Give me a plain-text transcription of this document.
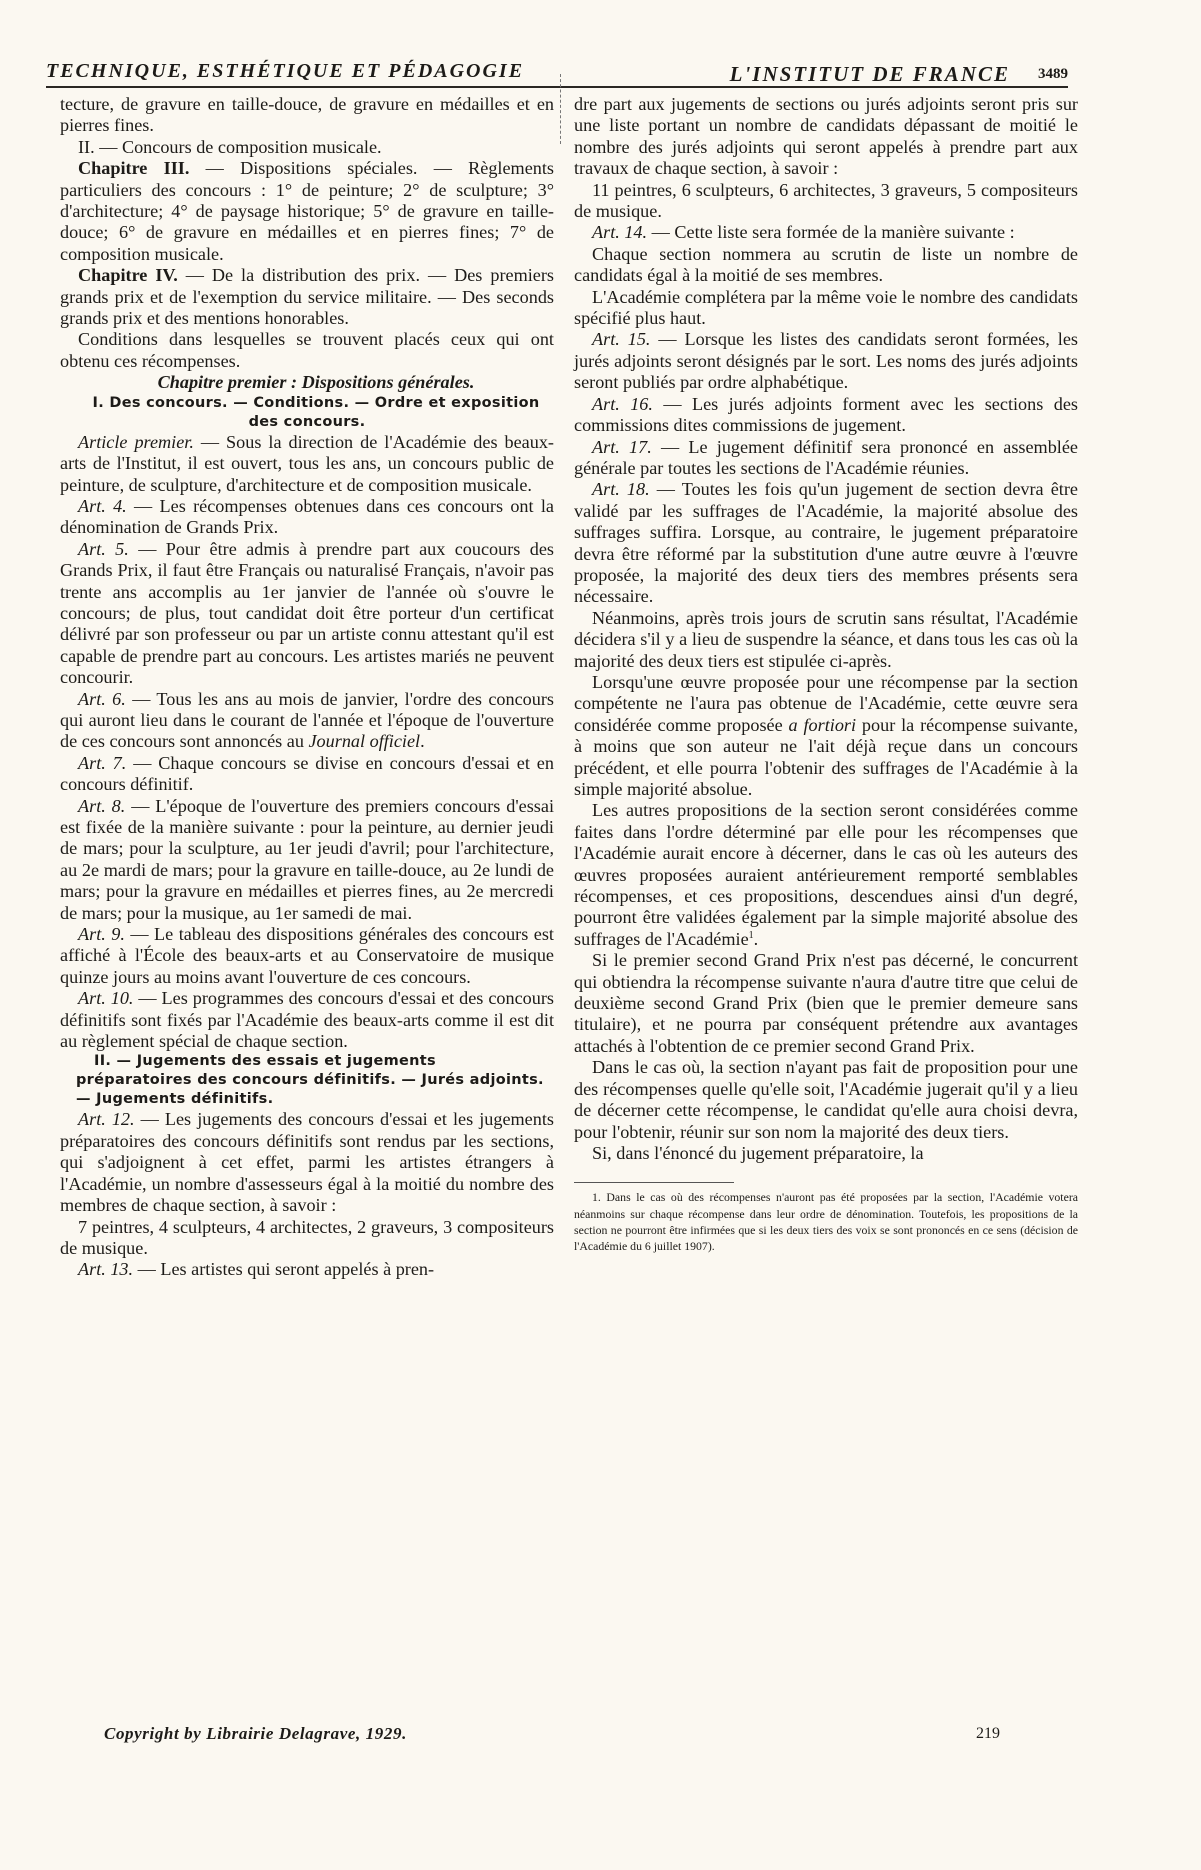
TECHNIQUE, ESTHÉTIQUE ET PÉDAGOGIE	L'INSTITUT DE FRANCE 3489

tecture, de gravure en taille-douce, de gravure en médailles et en pierres fines.

II. — Concours de composition musicale.

Chapitre III. — Dispositions spéciales. — Règlements particuliers des concours : 1° de peinture; 2° de sculpture; 3° d'architecture; 4° de paysage historique; 5° de gravure en taille-douce; 6° de gravure en médailles et en pierres fines; 7° de composition musicale.

Chapitre IV. — De la distribution des prix. — Des premiers grands prix et de l'exemption du service militaire. — Des seconds grands prix et des mentions honorables.

Conditions dans lesquelles se trouvent placés ceux qui ont obtenu ces récompenses.

Chapitre premier : Dispositions générales.

I. Des concours. — Conditions. — Ordre et exposition des concours.

Article premier. — Sous la direction de l'Académie des beaux-arts de l'Institut, il est ouvert, tous les ans, un concours public de peinture, de sculpture, d'architecture et de composition musicale.

Art. 4. — Les récompenses obtenues dans ces concours ont la dénomination de Grands Prix.

Art. 5. — Pour être admis à prendre part aux coucours des Grands Prix, il faut être Français ou naturalisé Français, n'avoir pas trente ans accomplis au 1er janvier de l'année où s'ouvre le concours; de plus, tout candidat doit être porteur d'un certificat délivré par son professeur ou par un artiste connu attestant qu'il est capable de prendre part au concours. Les artistes mariés ne peuvent concourir.

Art. 6. — Tous les ans au mois de janvier, l'ordre des concours qui auront lieu dans le courant de l'année et l'époque de l'ouverture de ces concours sont annoncés au Journal officiel.

Art. 7. — Chaque concours se divise en concours d'essai et en concours définitif.

Art. 8. — L'époque de l'ouverture des premiers concours d'essai est fixée de la manière suivante : pour la peinture, au dernier jeudi de mars; pour la sculpture, au 1er jeudi d'avril; pour l'architecture, au 2e mardi de mars; pour la gravure en taille-douce, au 2e lundi de mars; pour la gravure en médailles et pierres fines, au 2e mercredi de mars; pour la musique, au 1er samedi de mai.

Art. 9. — Le tableau des dispositions générales des concours est affiché à l'École des beaux-arts et au Conservatoire de musique quinze jours au moins avant l'ouverture de ces concours.

Art. 10. — Les programmes des concours d'essai et des concours définitifs sont fixés par l'Académie des beaux-arts comme il est dit au règlement spécial de chaque section.

II. — Jugements des essais et jugements préparatoires des concours définitifs. — Jurés adjoints. — Jugements définitifs.

Art. 12. — Les jugements des concours d'essai et les jugements préparatoires des concours définitifs sont rendus par les sections, qui s'adjoignent à cet effet, parmi les artistes étrangers à l'Académie, un nombre d'assesseurs égal à la moitié du nombre des membres de chaque section, à savoir :

7 peintres, 4 sculpteurs, 4 architectes, 2 graveurs, 3 compositeurs de musique.

Art. 13. — Les artistes qui seront appelés à pren-

dre part aux jugements de sections ou jurés adjoints seront pris sur une liste portant un nombre de candidats dépassant de moitié le nombre des jurés adjoints qui seront appelés à prendre part aux travaux de chaque section, à savoir :

11 peintres, 6 sculpteurs, 6 architectes, 3 graveurs, 5 compositeurs de musique.

Art. 14. — Cette liste sera formée de la manière suivante :

Chaque section nommera au scrutin de liste un nombre de candidats égal à la moitié de ses membres.

L'Académie complétera par la même voie le nombre des candidats spécifié plus haut.

Art. 15. — Lorsque les listes des candidats seront formées, les jurés adjoints seront désignés par le sort. Les noms des jurés adjoints seront publiés par ordre alphabétique.

Art. 16. — Les jurés adjoints forment avec les sections des commissions dites commissions de jugement.

Art. 17. — Le jugement définitif sera prononcé en assemblée générale par toutes les sections de l'Académie réunies.

Art. 18. — Toutes les fois qu'un jugement de section devra être validé par les suffrages de l'Académie, la majorité absolue des suffrages suffira. Lorsque, au contraire, le jugement préparatoire devra être réformé par la substitution d'une autre œuvre à l'œuvre proposée, la majorité des deux tiers des membres présents sera nécessaire.

Néanmoins, après trois jours de scrutin sans résultat, l'Académie décidera s'il y a lieu de suspendre la séance, et dans tous les cas où la majorité des deux tiers est stipulée ci-après.

Lorsqu'une œuvre proposée pour une récompense par la section compétente ne l'aura pas obtenue de l'Académie, cette œuvre sera considérée comme proposée a fortiori pour la récompense suivante, à moins que son auteur ne l'ait déjà reçue dans un concours précédent, et elle pourra l'obtenir des suffrages de l'Académie à la simple majorité absolue.

Les autres propositions de la section seront considérées comme faites dans l'ordre déterminé par elle pour les récompenses que l'Académie aurait encore à décerner, dans le cas où les auteurs des œuvres proposées auraient antérieurement remporté semblables récompenses, et ces propositions, descendues ainsi d'un degré, pourront être validées également par la simple majorité absolue des suffrages de l'Académie$^1$.

Si le premier second Grand Prix n'est pas décerné, le concurrent qui obtiendra la récompense suivante n'aura d'autre titre que celui de deuxième second Grand Prix (bien que le premier demeure sans titulaire), et ne pourra par conséquent prétendre aux avantages attachés à l'obtention de ce premier second Grand Prix.

Dans le cas où, la section n'ayant pas fait de proposition pour une des récompenses quelle qu'elle soit, l'Académie jugerait qu'il y a lieu de décerner cette récompense, le candidat qu'elle aura choisi devra, pour l'obtenir, réunir sur son nom la majorité des deux tiers.

Si, dans l'énoncé du jugement préparatoire, la

1. Dans le cas où des récompenses n'auront pas été proposées par la section, l'Académie votera néanmoins sur chaque récompense dans leur ordre de dénomination. Toutefois, les propositions de la section ne pourront être infirmées que si les deux tiers des voix se sont prononcés en ce sens (décision de l'Académie du 6 juillet 1907).

Copyright by Librairie Delagrave, 1929.	219
